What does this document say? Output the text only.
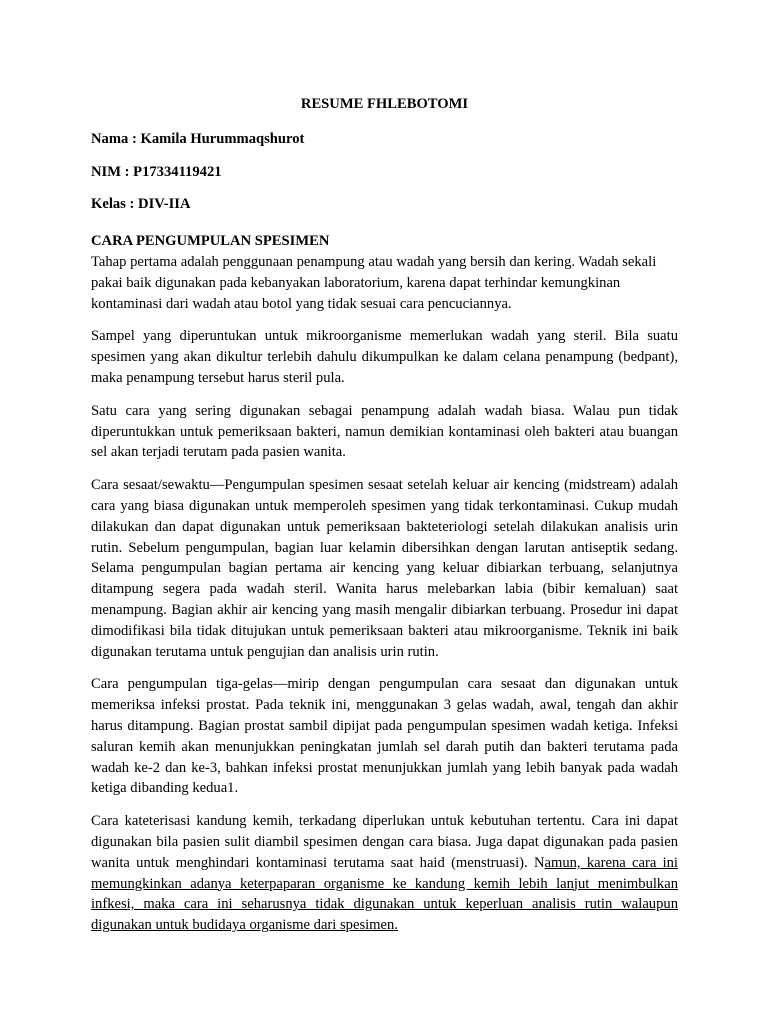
RESUME FHLEBOTOMI

Nama : Kamila Hurummaqshurot

NIM : P17334119421

Kelas : DIV-IIA

CARA PENGUMPULAN SPESIMEN

Tahap pertama adalah penggunaan penampung atau wadah yang bersih dan kering. Wadah sekali pakai baik digunakan pada kebanyakan laboratorium, karena dapat terhindar kemungkinan kontaminasi dari wadah atau botol yang tidak sesuai cara pencuciannya.

Sampel yang diperuntukan untuk mikroorganisme memerlukan wadah yang steril. Bila suatu spesimen yang akan dikultur terlebih dahulu dikumpulkan ke dalam celana penampung (bedpant), maka penampung tersebut harus steril pula.

Satu cara yang sering digunakan sebagai penampung adalah wadah biasa. Walau pun tidak diperuntukkan untuk pemeriksaan bakteri, namun demikian kontaminasi oleh bakteri atau buangan sel akan terjadi terutam pada pasien wanita.

Cara sesaat/sewaktu—Pengumpulan spesimen sesaat setelah keluar air kencing (midstream) adalah cara yang biasa digunakan untuk memperoleh spesimen yang tidak terkontaminasi. Cukup mudah dilakukan dan dapat digunakan untuk pemeriksaan bakteteriologi setelah dilakukan analisis urin rutin. Sebelum pengumpulan, bagian luar kelamin dibersihkan dengan larutan antiseptik sedang. Selama pengumpulan bagian pertama air kencing yang keluar dibiarkan terbuang, selanjutnya ditampung segera pada wadah steril. Wanita harus melebarkan labia (bibir kemaluan) saat menampung. Bagian akhir air kencing yang masih mengalir dibiarkan terbuang. Prosedur ini dapat dimodifikasi bila tidak ditujukan untuk pemeriksaan bakteri atau mikroorganisme. Teknik ini baik digunakan terutama untuk pengujian dan analisis urin rutin.

Cara pengumpulan tiga-gelas—mirip dengan pengumpulan cara sesaat dan digunakan untuk memeriksa infeksi prostat. Pada teknik ini, menggunakan 3 gelas wadah, awal, tengah dan akhir harus ditampung. Bagian prostat sambil dipijat pada pengumpulan spesimen wadah ketiga. Infeksi saluran kemih akan menunjukkan peningkatan jumlah sel darah putih dan bakteri terutama pada wadah ke-2 dan ke-3, bahkan infeksi prostat menunjukkan jumlah yang lebih banyak pada wadah ketiga dibanding kedua1.

Cara kateterisasi kandung kemih, terkadang diperlukan untuk kebutuhan tertentu. Cara ini dapat digunakan bila pasien sulit diambil spesimen dengan cara biasa. Juga dapat digunakan pada pasien wanita untuk menghindari kontaminasi terutama saat haid (menstruasi). Namun, karena cara ini memungkinkan adanya keterpaparan organisme ke kandung kemih lebih lanjut menimbulkan infkesi, maka cara ini seharusnya tidak digunakan untuk keperluan analisis rutin walaupun digunakan untuk budidaya organisme dari spesimen.
